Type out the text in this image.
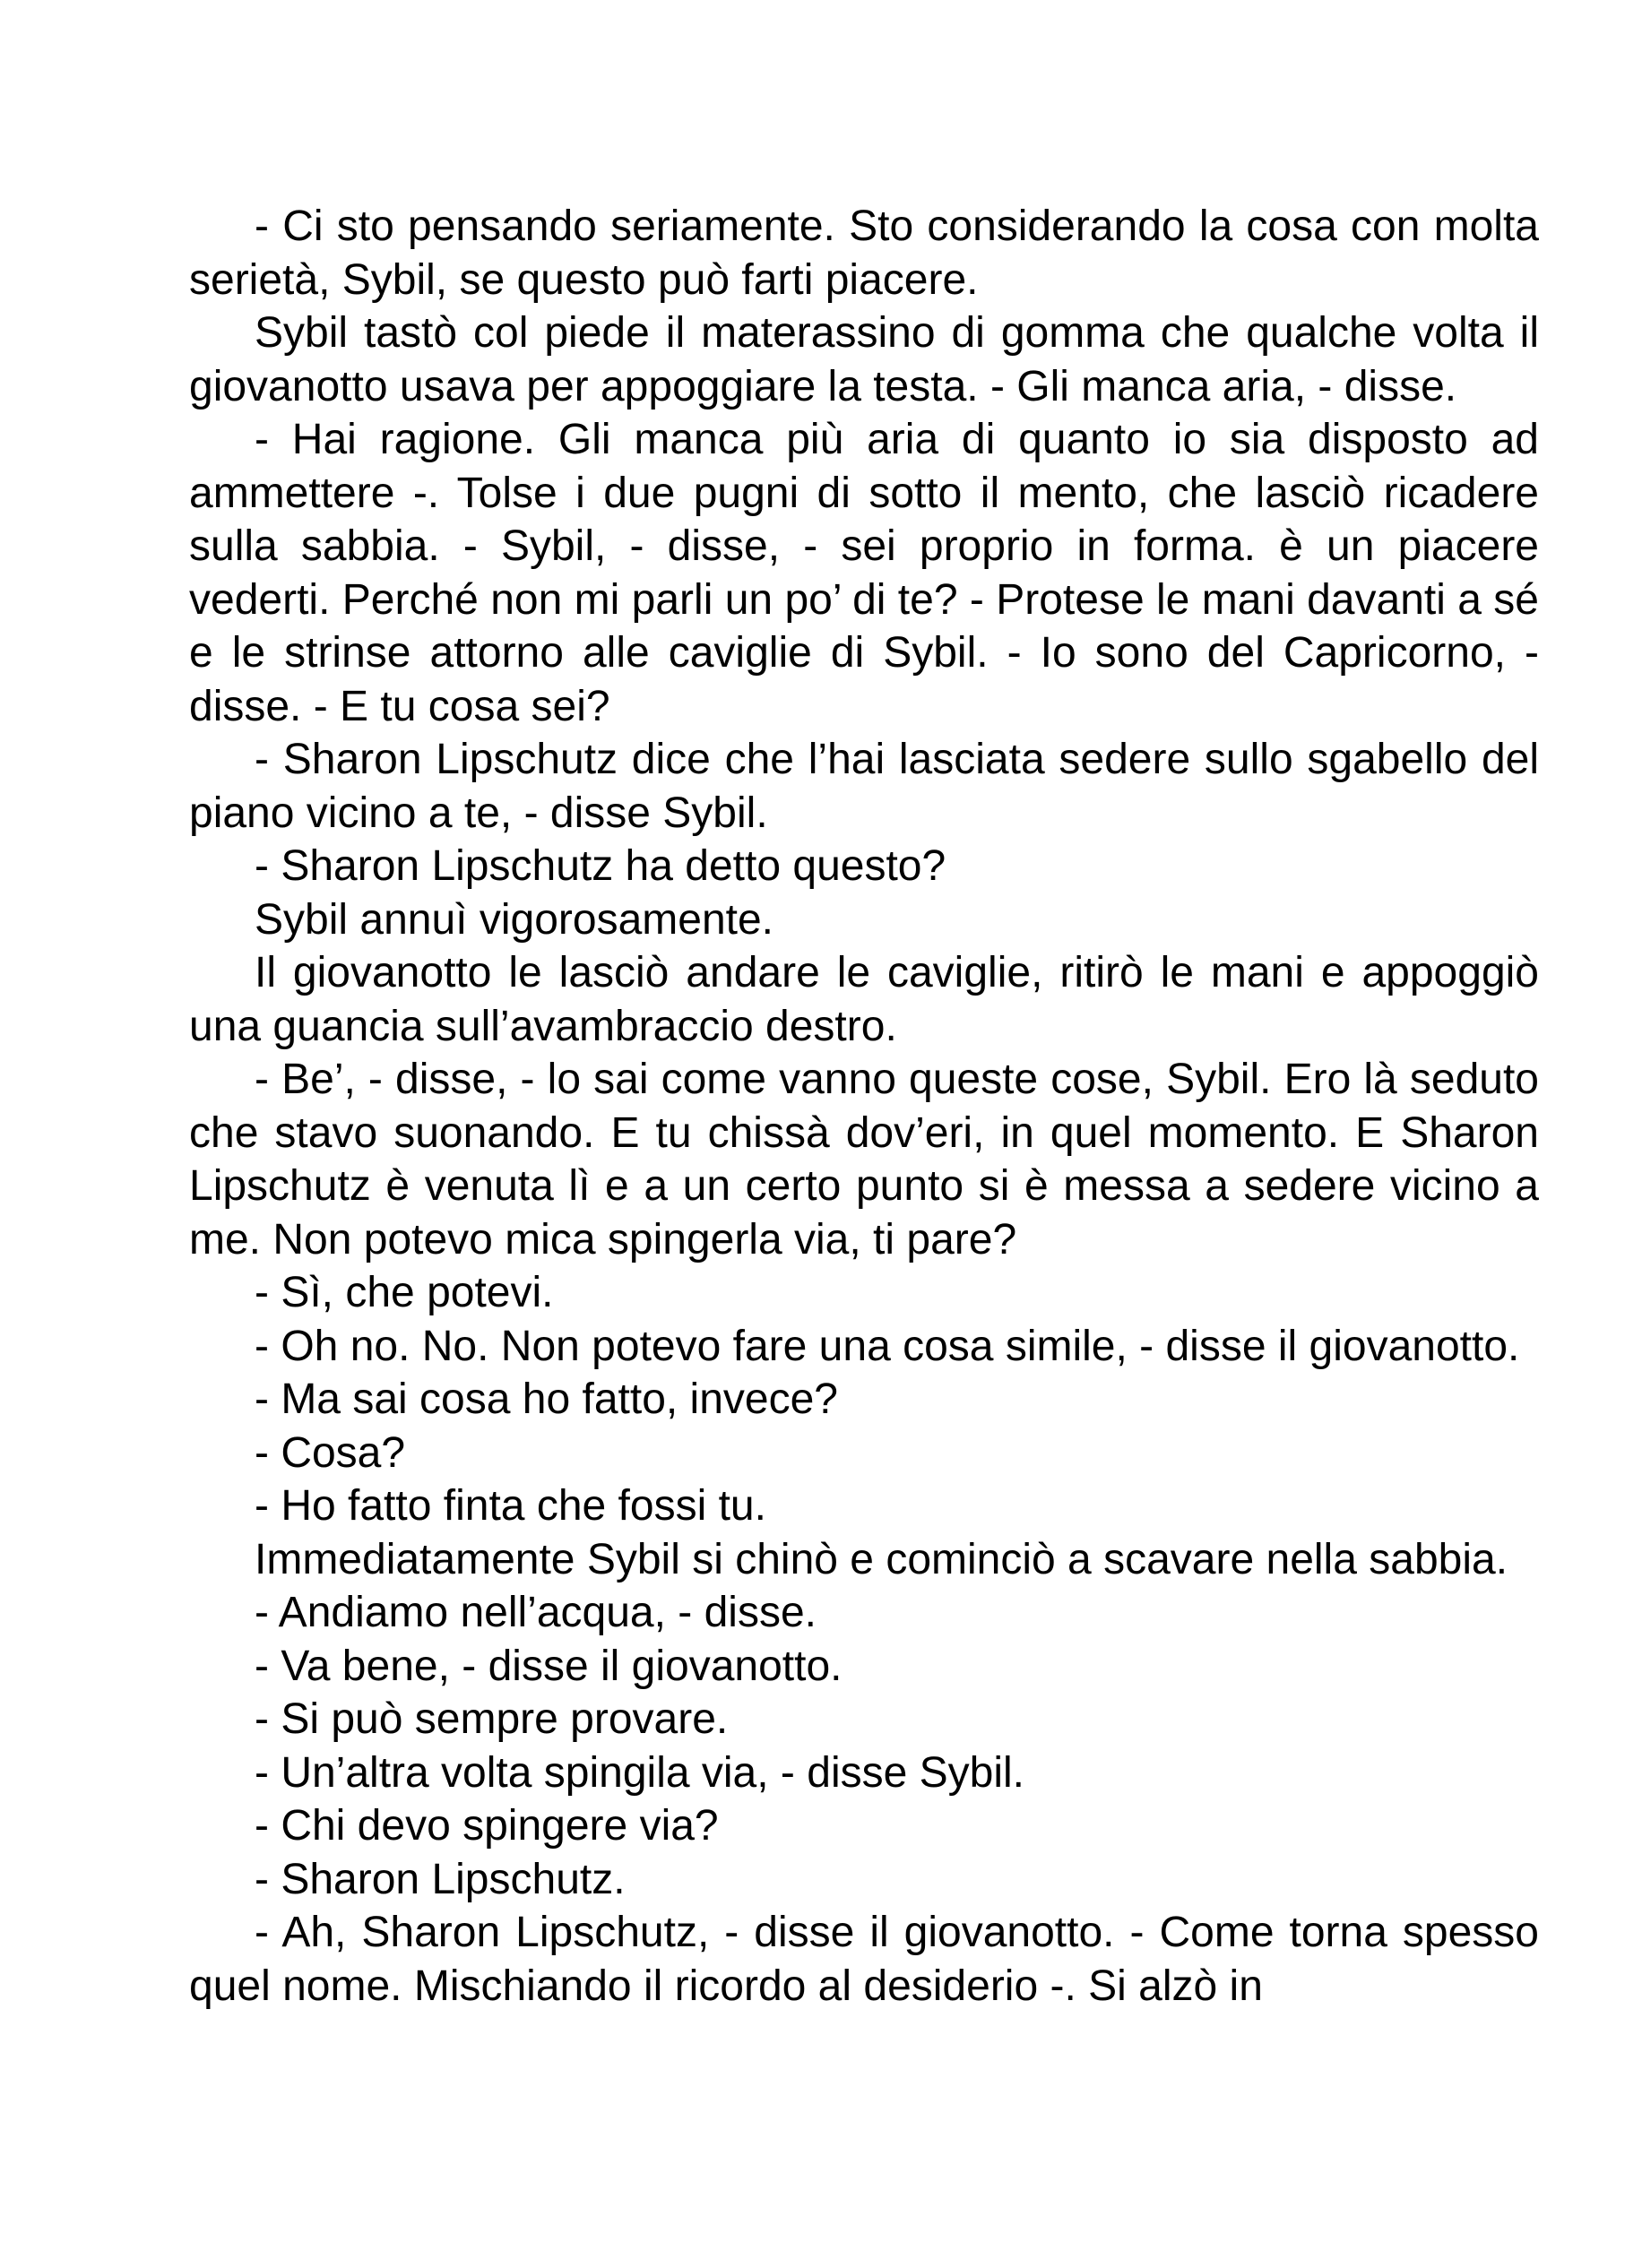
- Ci sto pensando seriamente. Sto considerando la cosa con molta serietà, Sybil, se questo può farti piacere.

Sybil tastò col piede il materassino di gomma che qualche volta il giovanotto usava per appoggiare la testa. - Gli manca aria, - disse.

- Hai ragione. Gli manca più aria di quanto io sia disposto ad ammettere -. Tolse i due pugni di sotto il mento, che lasciò ricadere sulla sabbia. - Sybil, - disse, - sei proprio in forma. è un piacere vederti. Perché non mi parli un po’ di te? - Protese le mani davanti a sé e le strinse attorno alle caviglie di Sybil. - Io sono del Capricorno, - disse. - E tu cosa sei?

- Sharon Lipschutz dice che l’hai lasciata sedere sullo sgabello del piano vicino a te, - disse Sybil.

- Sharon Lipschutz ha detto questo?

Sybil annuì vigorosamente.

Il giovanotto le lasciò andare le caviglie, ritirò le mani e appoggiò una guancia sull’avambraccio destro.

- Be’, - disse, - lo sai come vanno queste cose, Sybil. Ero là seduto che stavo suonando. E tu chissà dov’eri, in quel momento. E Sharon Lipschutz è venuta lì e a un certo punto si è messa a sedere vicino a me. Non potevo mica spingerla via, ti pare?

- Sì, che potevi.

- Oh no. No. Non potevo fare una cosa simile, - disse il giovanotto.

- Ma sai cosa ho fatto, invece?

- Cosa?

- Ho fatto finta che fossi tu.

Immediatamente Sybil si chinò e cominciò a scavare nella sabbia.

- Andiamo nell’acqua, - disse.

- Va bene, - disse il giovanotto.

- Si può sempre provare.

- Un’altra volta spingila via, - disse Sybil.

- Chi devo spingere via?

- Sharon Lipschutz.

- Ah, Sharon Lipschutz, - disse il giovanotto. - Come torna spesso quel nome. Mischiando il ricordo al desiderio -. Si alzò in
